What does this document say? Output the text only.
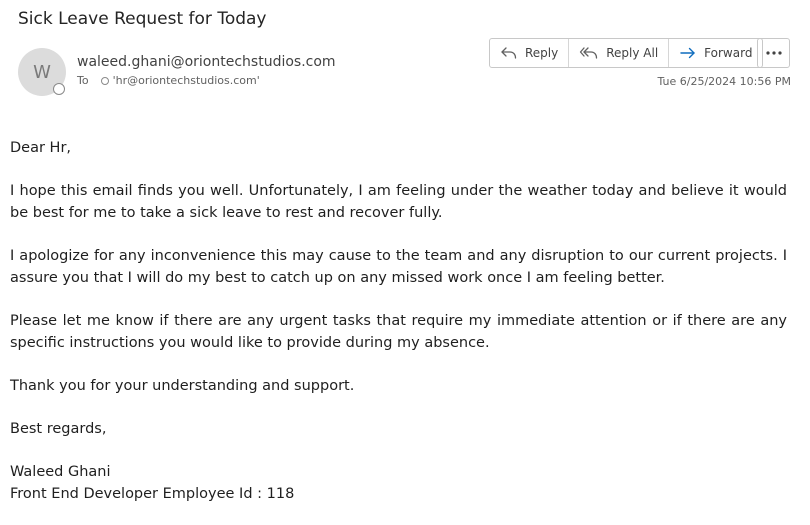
Sick Leave Request for Today
W waleed.ghani@oriontechstudios.com
To 'hr@oriontechstudios.com'
Reply	Reply All	Forward
Tue 6/25/2024 10:56 PM

Dear Hr,

I hope this email finds you well. Unfortunately, I am feeling under the weather today and believe it would be best for me to take a sick leave to rest and recover fully.

I apologize for any inconvenience this may cause to the team and any disruption to our current projects. I assure you that I will do my best to catch up on any missed work once I am feeling better.

Please let me know if there are any urgent tasks that require my immediate attention or if there are any specific instructions you would like to provide during my absence.

Thank you for your understanding and support.

Best regards,

Waleed Ghani

Front End Developer Employee Id : 118
